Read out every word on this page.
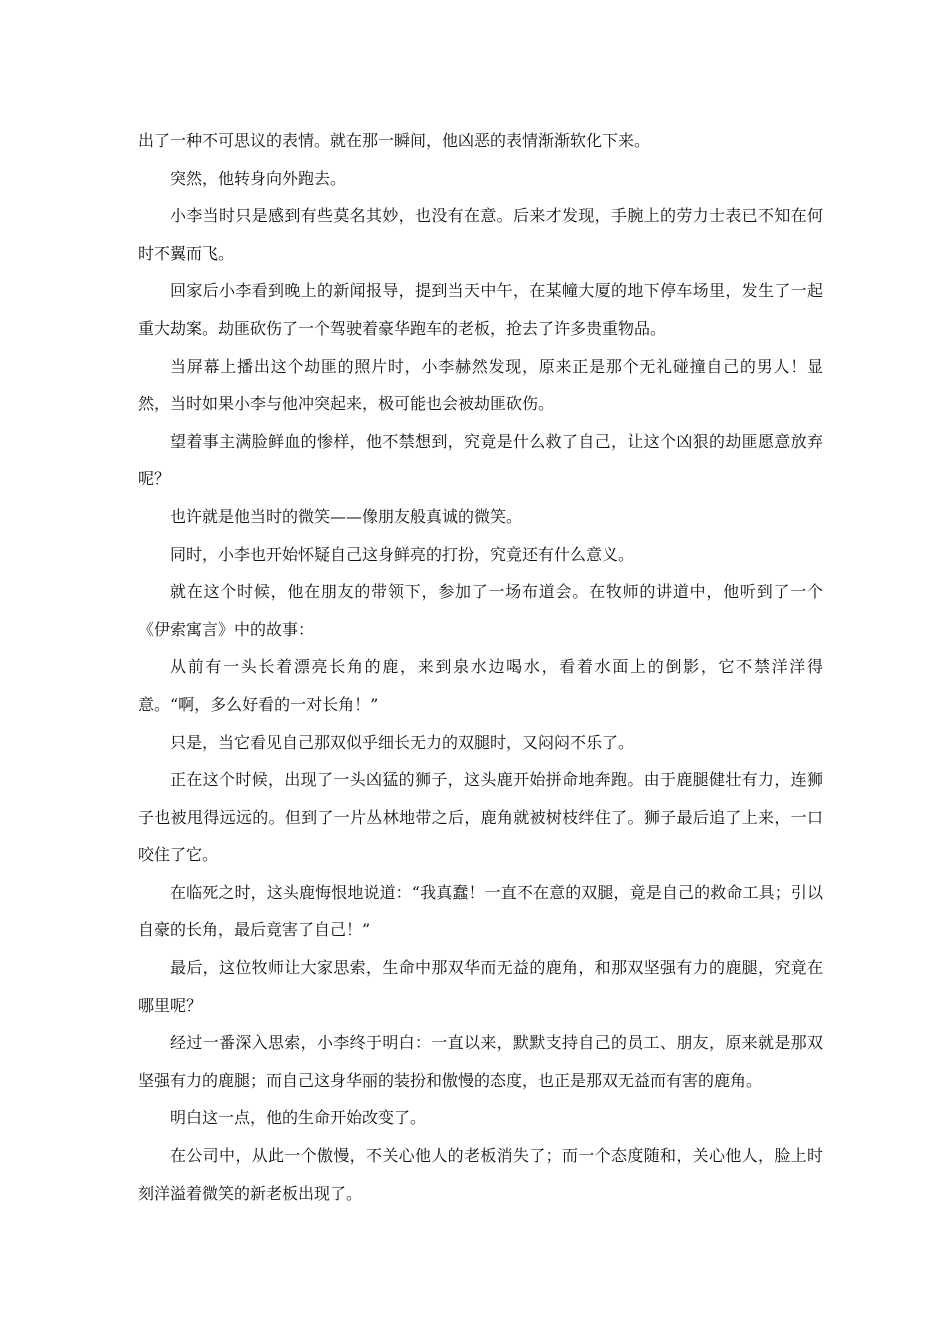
出了一种不可思议的表情。就在那一瞬间，他凶恶的表情渐渐软化下来。

突然，他转身向外跑去。

小李当时只是感到有些莫名其妙，也没有在意。后来才发现，手腕上的劳力士表已不知在何时不翼而飞。

回家后小李看到晚上的新闻报导，提到当天中午，在某幢大厦的地下停车场里，发生了一起重大劫案。劫匪砍伤了一个驾驶着豪华跑车的老板，抢去了许多贵重物品。

当屏幕上播出这个劫匪的照片时，小李赫然发现，原来正是那个无礼碰撞自己的男人！显然，当时如果小李与他冲突起来，极可能也会被劫匪砍伤。

望着事主满脸鲜血的惨样，他不禁想到，究竟是什么救了自己，让这个凶狠的劫匪愿意放弃呢？

也许就是他当时的微笑——像朋友般真诚的微笑。

同时，小李也开始怀疑自己这身鲜亮的打扮，究竟还有什么意义。

就在这个时候，他在朋友的带领下，参加了一场布道会。在牧师的讲道中，他听到了一个《伊索寓言》中的故事：

从前有一头长着漂亮长角的鹿，来到泉水边喝水，看着水面上的倒影，它不禁洋洋得意。“啊，多么好看的一对长角！”

只是，当它看见自己那双似乎细长无力的双腿时，又闷闷不乐了。

正在这个时候，出现了一头凶猛的狮子，这头鹿开始拼命地奔跑。由于鹿腿健壮有力，连狮子也被甩得远远的。但到了一片丛林地带之后，鹿角就被树枝绊住了。狮子最后追了上来，一口咬住了它。

在临死之时，这头鹿悔恨地说道：“我真蠢！一直不在意的双腿，竟是自己的救命工具；引以自豪的长角，最后竟害了自己！”

最后，这位牧师让大家思索，生命中那双华而无益的鹿角，和那双坚强有力的鹿腿，究竟在哪里呢？

经过一番深入思索，小李终于明白：一直以来，默默支持自己的员工、朋友，原来就是那双坚强有力的鹿腿；而自己这身华丽的装扮和傲慢的态度，也正是那双无益而有害的鹿角。

明白这一点，他的生命开始改变了。

在公司中，从此一个傲慢，不关心他人的老板消失了；而一个态度随和，关心他人，脸上时刻洋溢着微笑的新老板出现了。
